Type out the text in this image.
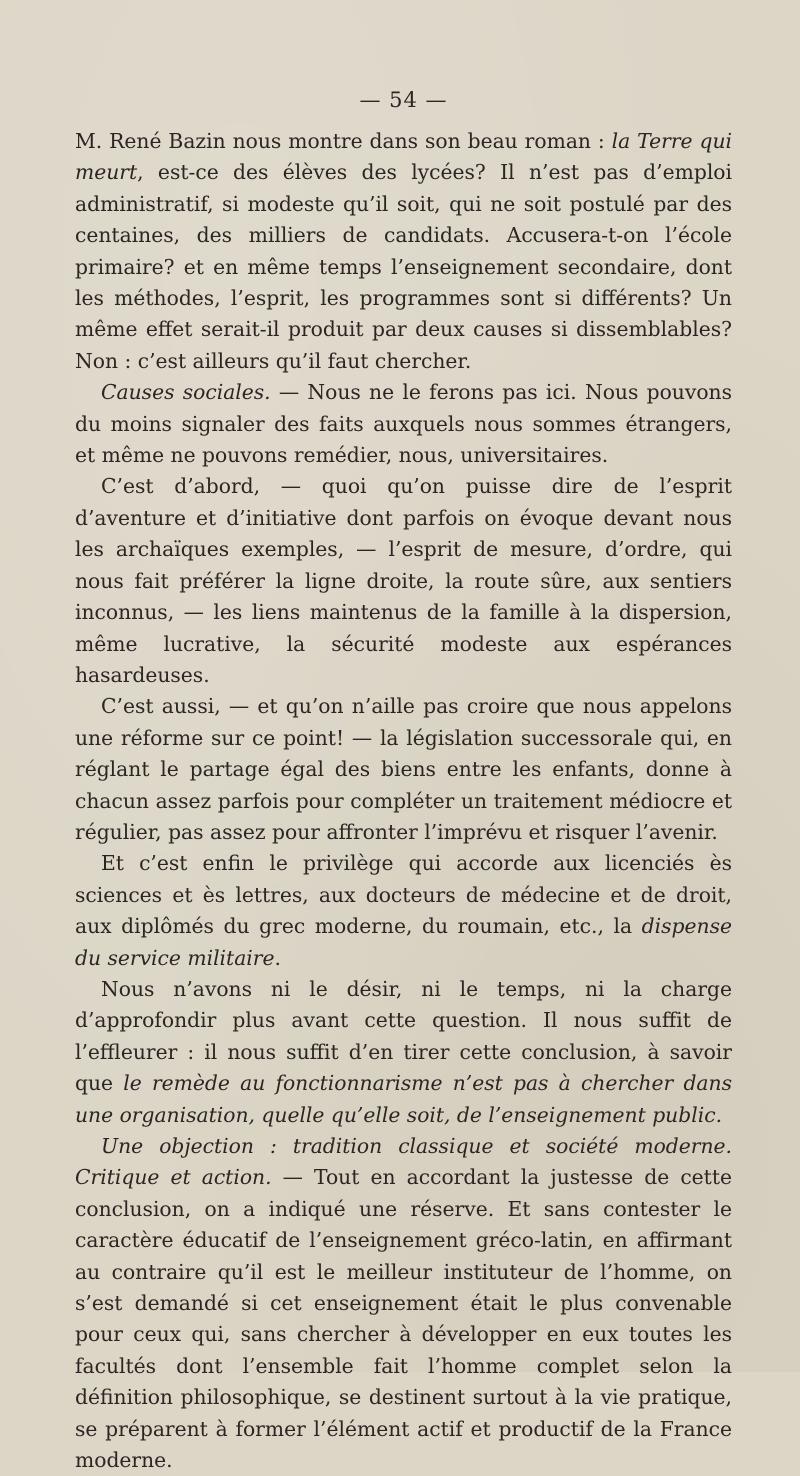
— 54 —

M. René Bazin nous montre dans son beau roman : la Terre qui meurt, est-ce des élèves des lycées? Il n’est pas d’emploi administratif, si modeste qu’il soit, qui ne soit postulé par des centaines, des milliers de candidats. Accusera-t-on l’école primaire? et en même temps l’enseignement secondaire, dont les méthodes, l’esprit, les programmes sont si différents? Un même effet serait-il produit par deux causes si dissemblables? Non : c’est ailleurs qu’il faut chercher.

Causes sociales. — Nous ne le ferons pas ici. Nous pouvons du moins signaler des faits auxquels nous sommes étrangers, et même ne pouvons remédier, nous, universitaires.

C’est d’abord, — quoi qu’on puisse dire de l’esprit d’aventure et d’initiative dont parfois on évoque devant nous les archaïques exemples, — l’esprit de mesure, d’ordre, qui nous fait préférer la ligne droite, la route sûre, aux sentiers inconnus, — les liens maintenus de la famille à la dispersion, même lucrative, la sécurité modeste aux espérances hasardeuses.

C’est aussi, — et qu’on n’aille pas croire que nous appelons une réforme sur ce point! — la législation successorale qui, en réglant le partage égal des biens entre les enfants, donne à chacun assez parfois pour compléter un traitement médiocre et régulier, pas assez pour affronter l’imprévu et risquer l’avenir.

Et c’est enfin le privilège qui accorde aux licenciés ès sciences et ès lettres, aux docteurs de médecine et de droit, aux diplômés du grec moderne, du roumain, etc., la dispense du service militaire.

Nous n’avons ni le désir, ni le temps, ni la charge d’approfondir plus avant cette question. Il nous suffit de l’effleurer : il nous suffit d’en tirer cette conclusion, à savoir que le remède au fonctionnarisme n’est pas à chercher dans une organisation, quelle qu’elle soit, de l’enseignement public.

Une objection : tradition classique et société moderne. Critique et action. — Tout en accordant la justesse de cette conclusion, on a indiqué une réserve. Et sans contester le caractère éducatif de l’enseignement gréco-latin, en affirmant au contraire qu’il est le meilleur instituteur de l’homme, on s’est demandé si cet enseignement était le plus convenable pour ceux qui, sans chercher à développer en eux toutes les facultés dont l’ensemble fait l’homme complet selon la définition philosophique, se destinent surtout à la vie pratique, se préparent à former l’élément actif et productif de la France moderne.
